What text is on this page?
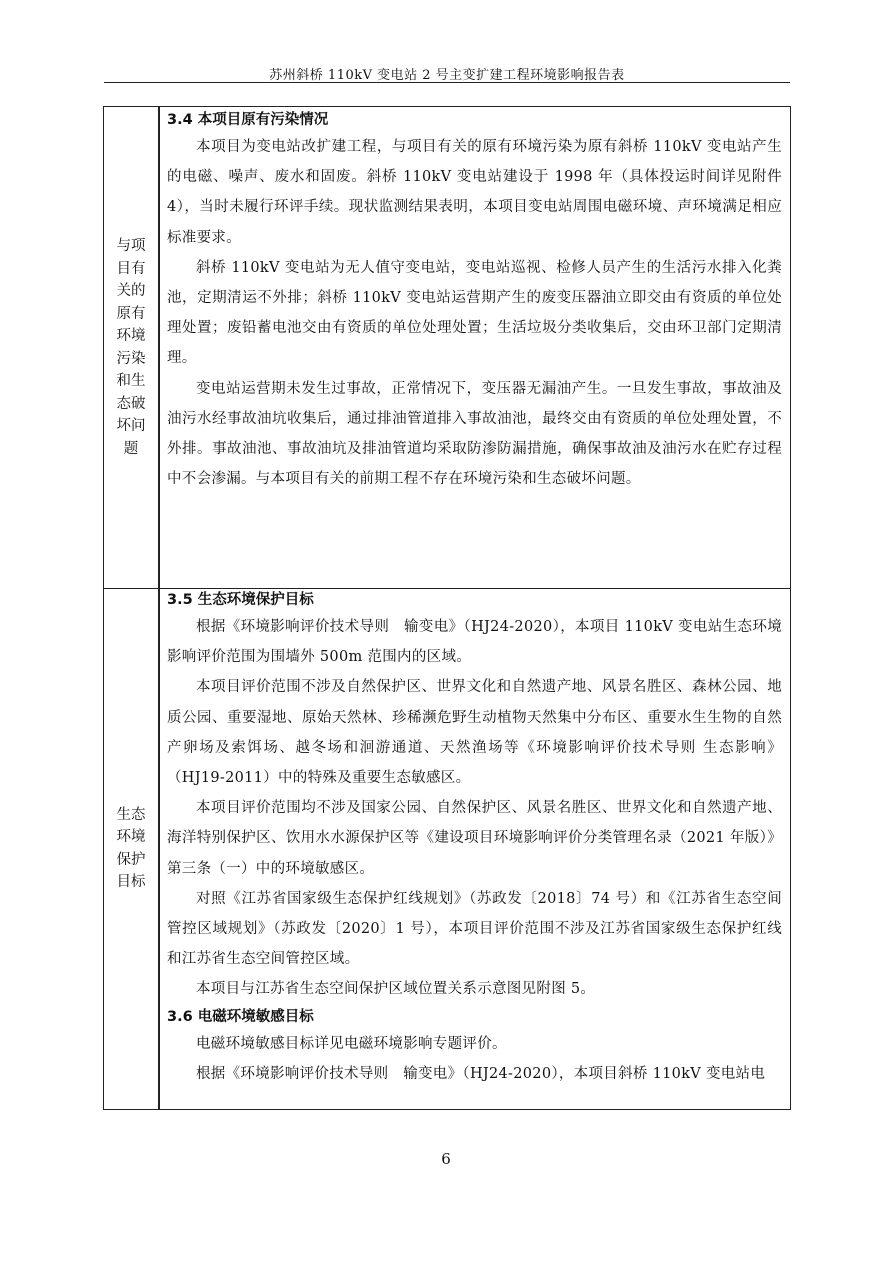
苏州斜桥 110kV 变电站 2 号主变扩建工程环境影响报告表
与项目有关的原有环境污染和生态破坏问题
3.4 本项目原有污染情况

本项目为变电站改扩建工程，与项目有关的原有环境污染为原有斜桥 110kV 变电站产生的电磁、噪声、废水和固废。斜桥 110kV 变电站建设于 1998 年（具体投运时间详见附件 4），当时未履行环评手续。现状监测结果表明，本项目变电站周围电磁环境、声环境满足相应标准要求。

斜桥 110kV 变电站为无人值守变电站，变电站巡视、检修人员产生的生活污水排入化粪池，定期清运不外排；斜桥 110kV 变电站运营期产生的废变压器油立即交由有资质的单位处理处置；废铅蓄电池交由有资质的单位处理处置；生活垃圾分类收集后，交由环卫部门定期清理。

变电站运营期未发生过事故，正常情况下，变压器无漏油产生。一旦发生事故，事故油及油污水经事故油坑收集后，通过排油管道排入事故油池，最终交由有资质的单位处理处置，不外排。事故油池、事故油坑及排油管道均采取防渗防漏措施，确保事故油及油污水在贮存过程中不会渗漏。与本项目有关的前期工程不存在环境污染和生态破坏问题。

生态环境保护目标
3.5 生态环境保护目标

根据《环境影响评价技术导则　输变电》（HJ24-2020），本项目 110kV 变电站生态环境影响评价范围为围墙外 500m 范围内的区域。

本项目评价范围不涉及自然保护区、世界文化和自然遗产地、风景名胜区、森林公园、地质公园、重要湿地、原始天然林、珍稀濒危野生动植物天然集中分布区、重要水生生物的自然产卵场及索饵场、越冬场和洄游通道、天然渔场等《环境影响评价技术导则 生态影响》（HJ19-2011）中的特殊及重要生态敏感区。

本项目评价范围均不涉及国家公园、自然保护区、风景名胜区、世界文化和自然遗产地、海洋特别保护区、饮用水水源保护区等《建设项目环境影响评价分类管理名录（2021 年版）》第三条（一）中的环境敏感区。

对照《江苏省国家级生态保护红线规划》（苏政发〔2018〕74 号）和《江苏省生态空间管控区域规划》（苏政发〔2020〕1 号），本项目评价范围不涉及江苏省国家级生态保护红线和江苏省生态空间管控区域。

本项目与江苏省生态空间保护区域位置关系示意图见附图 5。

3.6 电磁环境敏感目标

电磁环境敏感目标详见电磁环境影响专题评价。

根据《环境影响评价技术导则　输变电》（HJ24-2020），本项目斜桥 110kV 变电站电

6
